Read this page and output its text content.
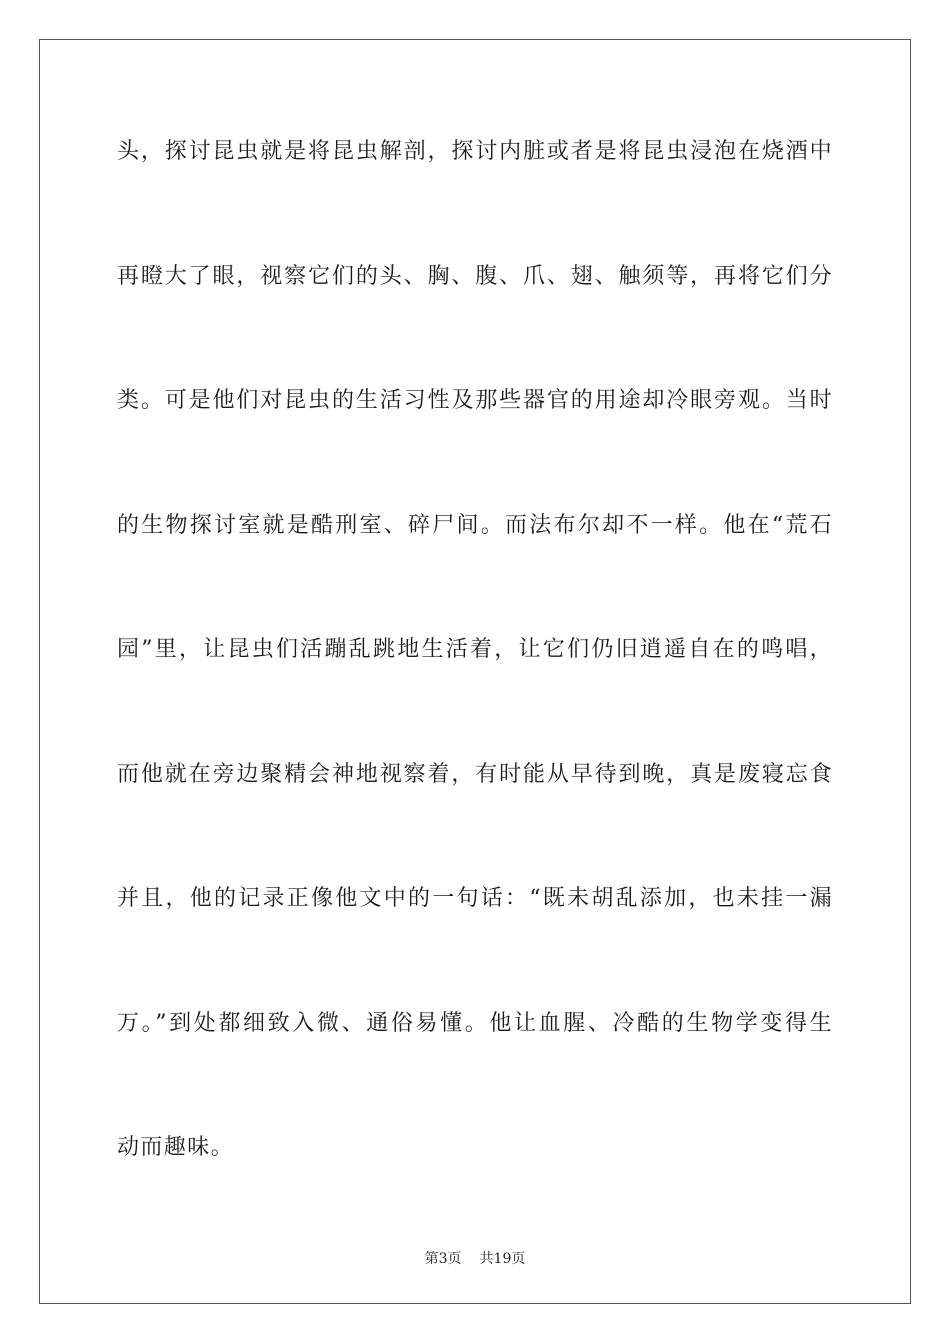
头，探讨昆虫就是将昆虫解剖，探讨内脏或者是将昆虫浸泡在烧酒中
再瞪大了眼，视察它们的头、胸、腹、爪、翅、触须等，再将它们分
类。可是他们对昆虫的生活习性及那些器官的用途却冷眼旁观。当时
的生物探讨室就是酷刑室、碎尸间。而法布尔却不一样。他在“荒石
园”里，让昆虫们活蹦乱跳地生活着，让它们仍旧逍遥自在的鸣唱，
而他就在旁边聚精会神地视察着，有时能从早待到晚，真是废寝忘食
并且，他的记录正像他文中的一句话：“既未胡乱添加，也未挂一漏
万。”到处都细致入微、通俗易懂。他让血腥、冷酷的生物学变得生
动而趣味。
第3页 共19页
